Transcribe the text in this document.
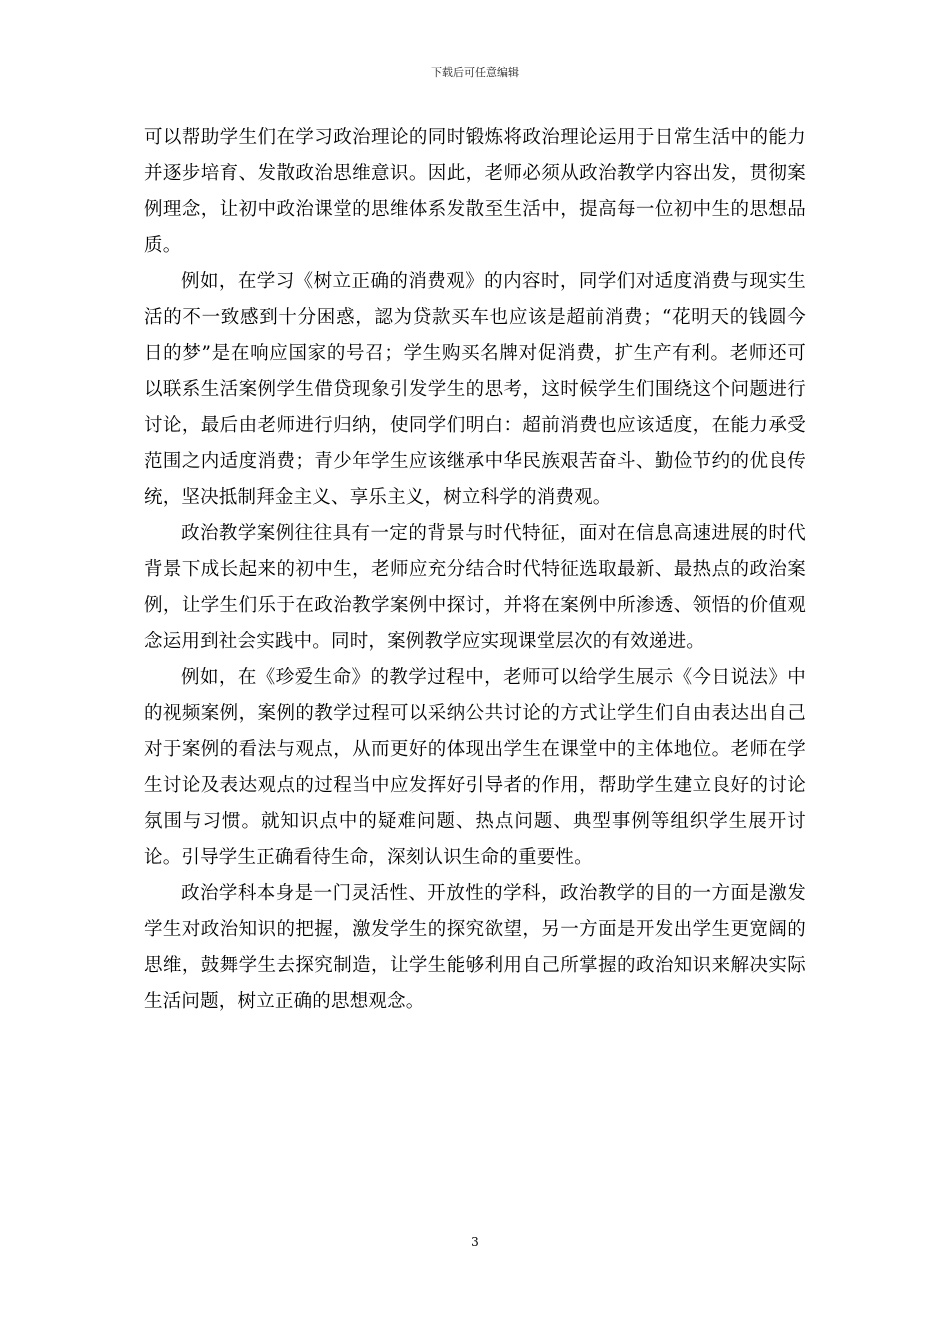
下载后可任意编辑

可以帮助学生们在学习政治理论的同时锻炼将政治理论运用于日常生活中的能力并逐步培育、发散政治思维意识。因此，老师必须从政治教学内容出发，贯彻案例理念，让初中政治课堂的思维体系发散至生活中，提高每一位初中生的思想品质。

例如，在学习《树立正确的消费观》的内容时，同学们对适度消费与现实生活的不一致感到十分困惑，認为贷款买车也应该是超前消费；“花明天的钱圆今日的梦”是在响应国家的号召；学生购买名牌对促消费，扩生产有利。老师还可以联系生活案例学生借贷现象引发学生的思考，这时候学生们围绕这个问题进行讨论，最后由老师进行归纳，使同学们明白：超前消费也应该适度，在能力承受范围之内适度消费；青少年学生应该继承中华民族艰苦奋斗、勤俭节约的优良传统，坚决抵制拜金主义、享乐主义，树立科学的消费观。

政治教学案例往往具有一定的背景与时代特征，面对在信息高速进展的时代背景下成长起来的初中生，老师应充分结合时代特征选取最新、最热点的政治案例，让学生们乐于在政治教学案例中探讨，并将在案例中所渗透、领悟的价值观念运用到社会实践中。同时，案例教学应实现课堂层次的有效递进。

例如，在《珍爱生命》的教学过程中，老师可以给学生展示《今日说法》中的视频案例，案例的教学过程可以采纳公共讨论的方式让学生们自由表达出自己对于案例的看法与观点，从而更好的体现出学生在课堂中的主体地位。老师在学生讨论及表达观点的过程当中应发挥好引导者的作用，帮助学生建立良好的讨论氛围与习惯。就知识点中的疑难问题、热点问题、典型事例等组织学生展开讨论。引导学生正确看待生命，深刻认识生命的重要性。

政治学科本身是一门灵活性、开放性的学科，政治教学的目的一方面是激发学生对政治知识的把握，激发学生的探究欲望，另一方面是开发出学生更宽阔的思维，鼓舞学生去探究制造，让学生能够利用自己所掌握的政治知识来解决实际生活问题，树立正确的思想观念。

3
